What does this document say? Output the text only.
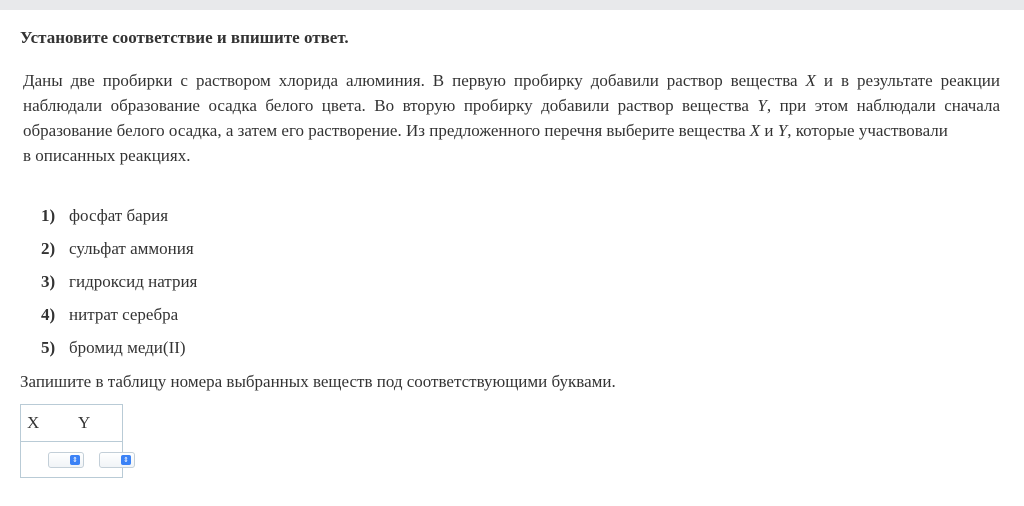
Установите соответствие и впишите ответ.

Даны две пробирки с раствором хлорида алюминия. В первую пробирку добавили раствор вещества X и в результате реакции наблюдали образование осадка белого цвета. Во вторую пробирку добавили раствор вещества Y, при этом наблюдали сначала образование белого осадка, а затем его растворение. Из предложенного перечня выберите вещества X и Y, которые участвовали

в описанных реакциях.

1) фосфат бария
2) сульфат аммония
3) гидроксид натрия
4) нитрат серебра
5) бромид меди(II)
Запишите в таблицу номера выбранных веществ под соответствующими буквами.
X Y
⇕	⇕
